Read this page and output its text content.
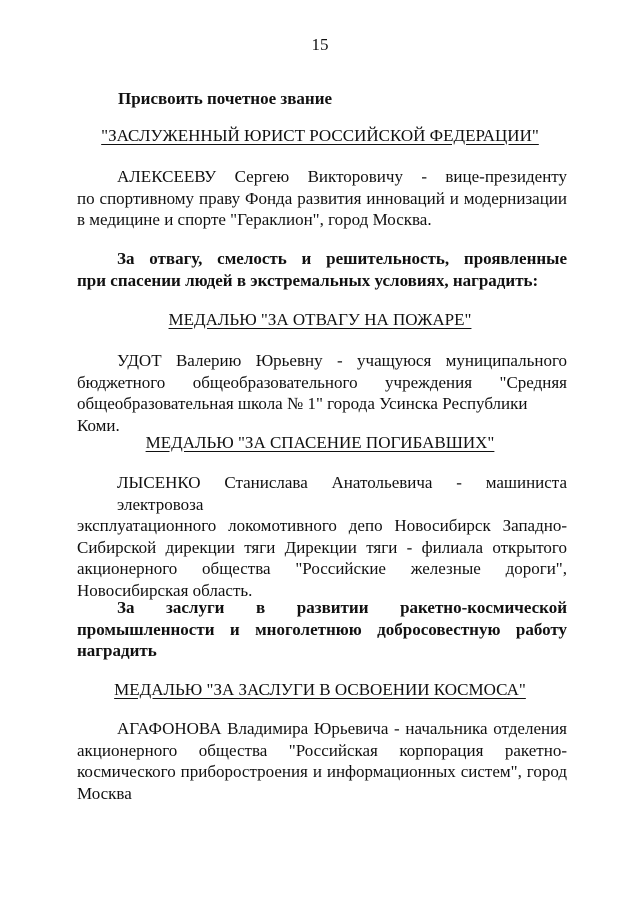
15
Присвоить почетное звание
"ЗАСЛУЖЕННЫЙ ЮРИСТ РОССИЙСКОЙ ФЕДЕРАЦИИ"
АЛЕКСЕЕВУ Сергею Викторовичу - вице-президенту
по спортивному праву Фонда развития инноваций и модернизации
в медицине и спорте "Гераклион", город Москва.
За отвагу, смелость и решительность, проявленные
при спасении людей в экстремальных условиях, наградить:
МЕДАЛЬЮ "ЗА ОТВАГУ НА ПОЖАРЕ"
УДОТ Валерию Юрьевну - учащуюся муниципального
бюджетного общеобразовательного учреждения "Средняя
общеобразовательная школа № 1" города Усинска Республики Коми.
МЕДАЛЬЮ "ЗА СПАСЕНИЕ ПОГИБАВШИХ"
ЛЫСЕНКО Станислава Анатольевича - машиниста электровоза
эксплуатационного локомотивного депо Новосибирск Западно-
Сибирской дирекции тяги Дирекции тяги - филиала открытого
акционерного общества "Российские железные дороги",
Новосибирская область.
За заслуги в развитии ракетно-космической
промышленности и многолетнюю добросовестную работу
наградить
МЕДАЛЬЮ "ЗА ЗАСЛУГИ В ОСВОЕНИИ КОСМОСА"
АГАФОНОВА Владимира Юрьевича - начальника отделения
акционерного общества "Российская корпорация ракетно-
космического приборостроения и информационных систем", город
Москва
